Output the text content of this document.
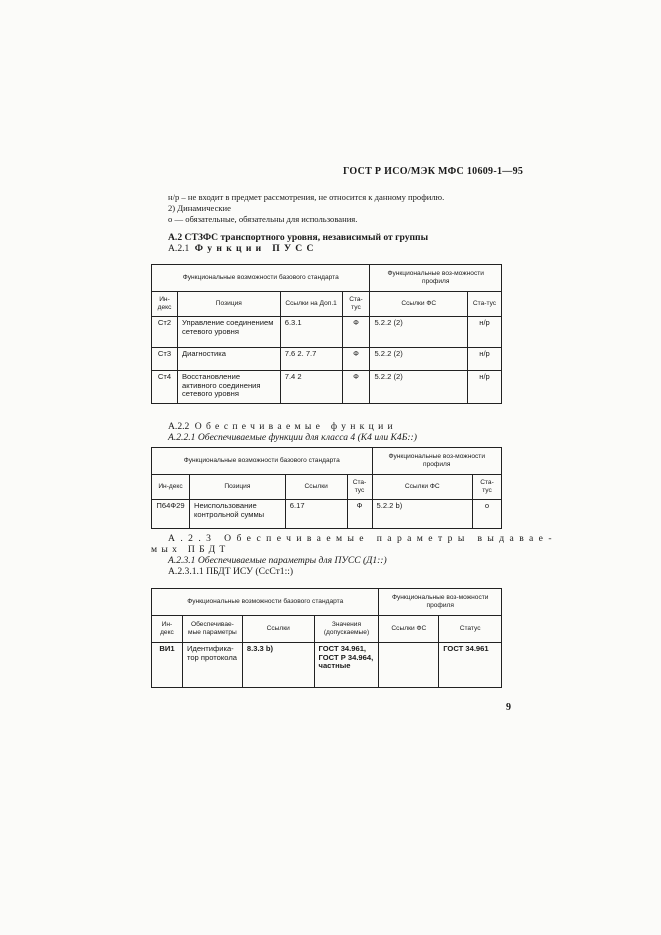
ГОСТ Р ИСО/МЭК МФС 10609-1—95
н/р – не входит в предмет рассмотрения, не относится к данному профилю.
2) Динамические
о — обязательные, обязательны для использования.
A.2 СТЗФС транспортного уровня, независимый от группы
A.2.1 Функции ПУСС
Функциональные возможности базового стандарта				Функциональные воз-можности профиля	
Ин-декс	Позиция	Ссылки на Доп.1	Ста-тус	Ссылки ФС	Ста-тус
Ст2	Управление соединением сетевого уровня	6.3.1	Ф	5.2.2 (2)	н/р
Ст3	Диагностика	7.6 2. 7.7	Ф	5.2.2 (2)	н/р
Ст4	Восстановление активного соединения сетевого уровня	7.4 2	Ф	5.2.2 (2)	н/р
A.2.2 Обеспечиваемые функции
A.2.2.1 Обеспечиваемые функции для класса 4 (К4 или К4Б::)
Функциональные возможности базового стандарта				Функциональные воз-можности профиля	
Ин-декс	Позиция	Ссылки	Ста-тус	Ссылки ФС	Ста-тус
П64Ф29	Неиспользование контрольной суммы	6.17	Ф	5.2.2 b)	о
A.2.3 Обеспечиваемые параметры выдавае-
мых ПБДТ
A.2.3.1 Обеспечиваемые параметры для ПУСС (Д1::)
A.2.3.1.1 ПБДТ ИСУ (СсСт1::)
Функциональные возможности базового стандарта				Функциональные воз-можности профиля	
Ин-декс	Обеспечивае-мые параметры	Ссылки	Значения (допускаемые)	Ссылки ФС	Статус
ВИ1	Идентифика-тор протокола	8.3.3 b)	ГОСТ 34.961, ГОСТ Р 34.964, частные		ГОСТ 34.961
9
